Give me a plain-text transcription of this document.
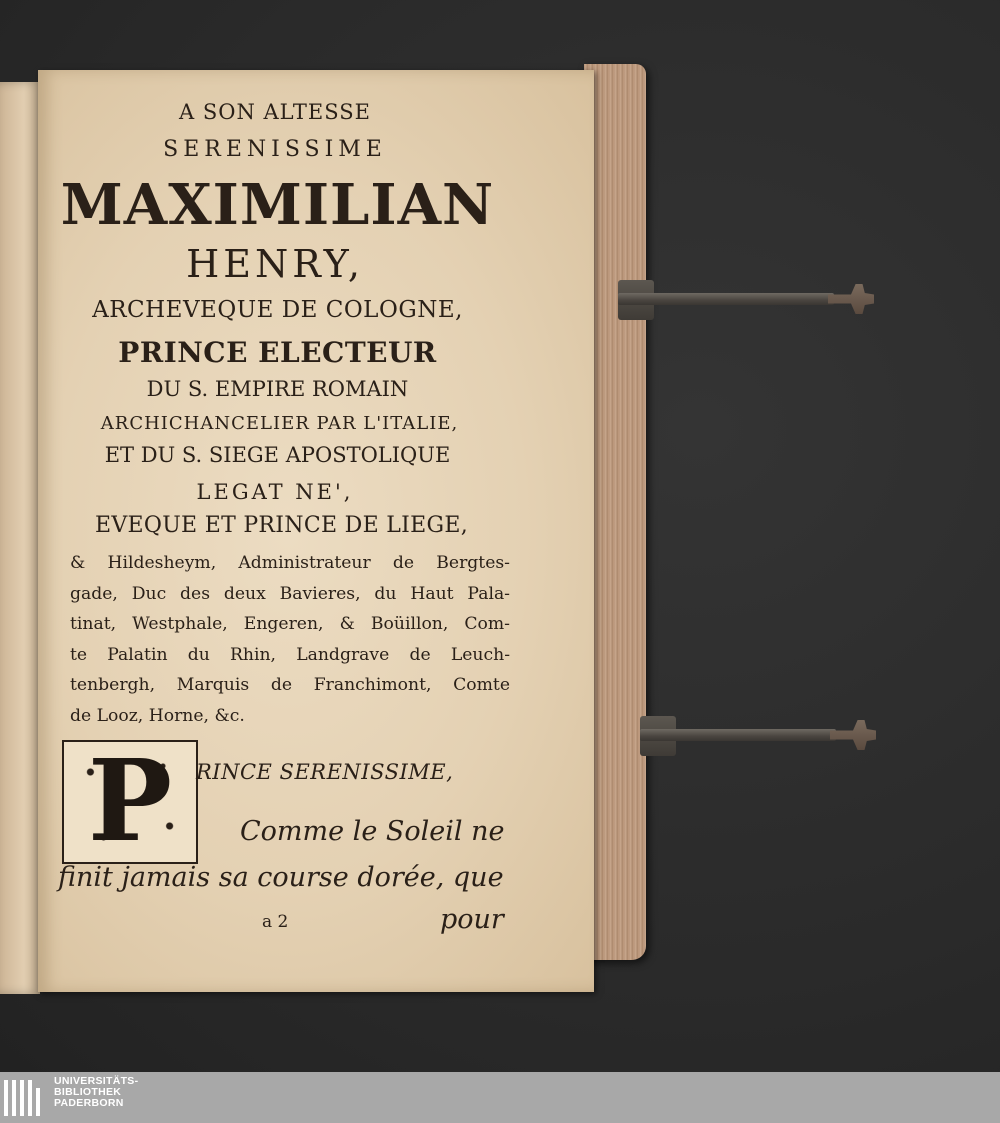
A SON ALTESSE
SERENISSIME
MAXIMILIAN
HENRY,
ARCHEVEQUE DE COLOGNE,
PRINCE ELECTEUR
DU S. EMPIRE ROMAIN
ARCHICHANCELIER PAR L'ITALIE,
ET DU S. SIEGE APOSTOLIQUE
LEGAT NE',
EVEQUE ET PRINCE DE LIEGE,
& Hildesheym, Administrateur de Bergtes-
gade, Duc des deux Bavieres, du Haut Pala-
tinat, Westphale, Engeren, & Boüillon, Com-
te Palatin du Rhin, Landgrave de Leuch-
tenbergh, Marquis de Franchimont, Comte
de Looz, Horne, &c.
P	RINCE SERENISSIME,
Comme le Soleil ne
finit jamais sa course dorée, que
a 2	pour
UNIVERSITÄTS-
BIBLIOTHEK
PADERBORN
